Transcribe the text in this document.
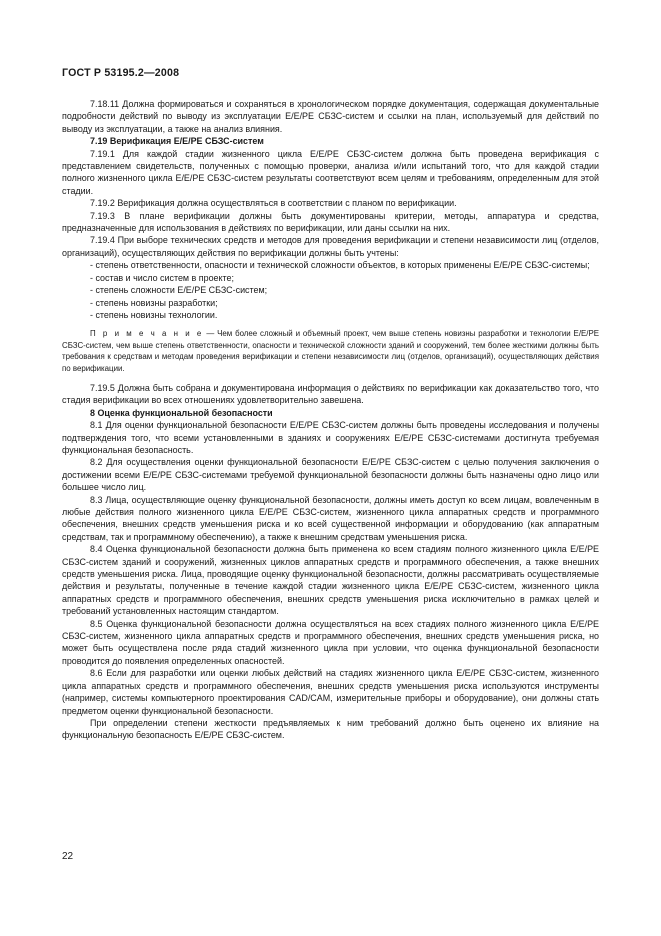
ГОСТ Р 53195.2—2008

7.18.11 Должна формироваться и сохраняться в хронологическом порядке документация, содержащая документальные подробности действий по выводу из эксплуатации Е/Е/РЕ СБЗС-систем и ссылки на план, используемый для действий по выводу из эксплуатации, а также на анализ влияния.

7.19 Верификация Е/Е/РЕ СБЗС-систем

7.19.1 Для каждой стадии жизненного цикла Е/Е/РЕ СБЗС-систем должна быть проведена верификация с представлением свидетельств, полученных с помощью проверки, анализа и/или испытаний того, что для каждой стадии полного жизненного цикла Е/Е/РЕ СБЗС-систем результаты соответствуют всем целям и требованиям, определенным для этой стадии.

7.19.2 Верификация должна осуществляться в соответствии с планом по верификации.

7.19.3 В плане верификации должны быть документированы критерии, методы, аппаратура и средства, предназначенные для использования в действиях по верификации, или даны ссылки на них.

7.19.4 При выборе технических средств и методов для проведения верификации и степени независимости лиц (отделов, организаций), осуществляющих действия по верификации должны быть учтены:

- степень ответственности, опасности и технической сложности объектов, в которых применены Е/Е/РЕ СБЗС-системы;

- состав и число систем в проекте;

- степень сложности Е/Е/РЕ СБЗС-систем;

- степень новизны разработки;

- степень новизны технологии.

П р и м е ч а н и е — Чем более сложный и объемный проект, чем выше степень новизны разработки и технологии Е/Е/РЕ СБЗС-систем, чем выше степень ответственности, опасности и технической сложности зданий и сооружений, тем более жесткими должны быть требования к средствам и методам проведения верификации и степени независимости лиц (отделов, организаций), осуществляющих действия по верификации.

7.19.5 Должна быть собрана и документирована информация о действиях по верификации как доказательство того, что стадия верификации во всех отношениях удовлетворительно завешена.

8 Оценка функциональной безопасности

8.1 Для оценки функциональной безопасности Е/Е/РЕ СБЗС-систем должны быть проведены исследования и получены подтверждения того, что всеми установленными в зданиях и сооружениях Е/Е/РЕ СБЗС-системами достигнута требуемая функциональная безопасность.

8.2 Для осуществления оценки функциональной безопасности Е/Е/РЕ СБЗС-систем с целью получения заключения о достижении всеми Е/Е/РЕ СБЗС-системами требуемой функциональной безопасности должны быть назначены одно лицо или большее число лиц.

8.3 Лица, осуществляющие оценку функциональной безопасности, должны иметь доступ ко всем лицам, вовлеченным в любые действия полного жизненного цикла Е/Е/РЕ СБЗС-систем, жизненного цикла аппаратных средств и программного обеспечения, внешних средств уменьшения риска и ко всей существенной информации и оборудованию (как аппаратным средствам, так и программному обеспечению), а также к внешним средствам уменьшения риска.

8.4 Оценка функциональной безопасности должна быть применена ко всем стадиям полного жизненного цикла Е/Е/РЕ СБЗС-систем зданий и сооружений, жизненных циклов аппаратных средств и программного обеспечения, а также внешних средств уменьшения риска. Лица, проводящие оценку функциональной безопасности, должны рассматривать осуществляемые действия и результаты, полученные в течение каждой стадии жизненного цикла Е/Е/РЕ СБЗС-систем, жизненного цикла аппаратных средств и программного обеспечения, внешних средств уменьшения риска исключительно в рамках целей и требований установленных настоящим стандартом.

8.5 Оценка функциональной безопасности должна осуществляться на всех стадиях полного жизненного цикла Е/Е/РЕ СБЗС-систем, жизненного цикла аппаратных средств и программного обеспечения, внешних средств уменьшения риска, но может быть осуществлена после ряда стадий жизненного цикла при условии, что оценка функциональной безопасности проводится до появления определенных опасностей.

8.6 Если для разработки или оценки любых действий на стадиях жизненного цикла Е/Е/РЕ СБЗС-систем, жизненного цикла аппаратных средств и программного обеспечения, внешних средств уменьшения риска используются инструменты (например, системы компьютерного проектирования CAD/CAM, измерительные приборы и оборудование), они должны стать предметом оценки функциональной безопасности.

При определении степени жесткости предъявляемых к ним требований должно быть оценено их влияние на функциональную безопасность Е/Е/РЕ СБЗС-систем.

22
